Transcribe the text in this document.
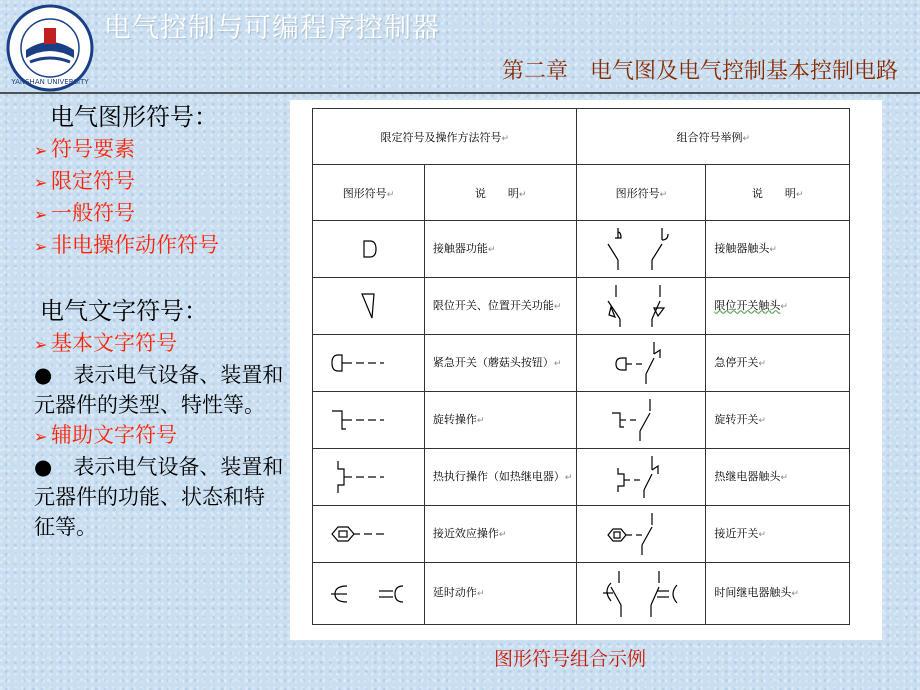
YANSHAN UNIVERSITY
电气控制与可编程序控制器
第二章　电气图及电气控制基本控制电路
电气图形符号：
➢ 符号要素
➢ 限定符号
➢ 一般符号
➢ 非电操作动作符号
电气文字符号：
➢ 基本文字符号
●　表示电气设备、装置和元器件的类型、特性等。
➢ 辅助文字符号
●　表示电气设备、装置和元器件的功能、状态和特征等。
限定符号及操作方法符号↵		组合符号举例↵	
图形符号↵	说　　明↵	图形符号↵	说　　明↵

	接触器功能↵		接触器触头↵

	限位开关、位置开关功能↵		限位开关触头↵

	紧急开关（蘑菇头按钮）↵		急停开关↵

	旋转操作↵		旋转开关↵

	热执行操作（如热继电器）↵		热继电器触头↵

	接近效应操作↵		接近开关↵

	延时动作↵		时间继电器触头↵
图形符号组合示例
